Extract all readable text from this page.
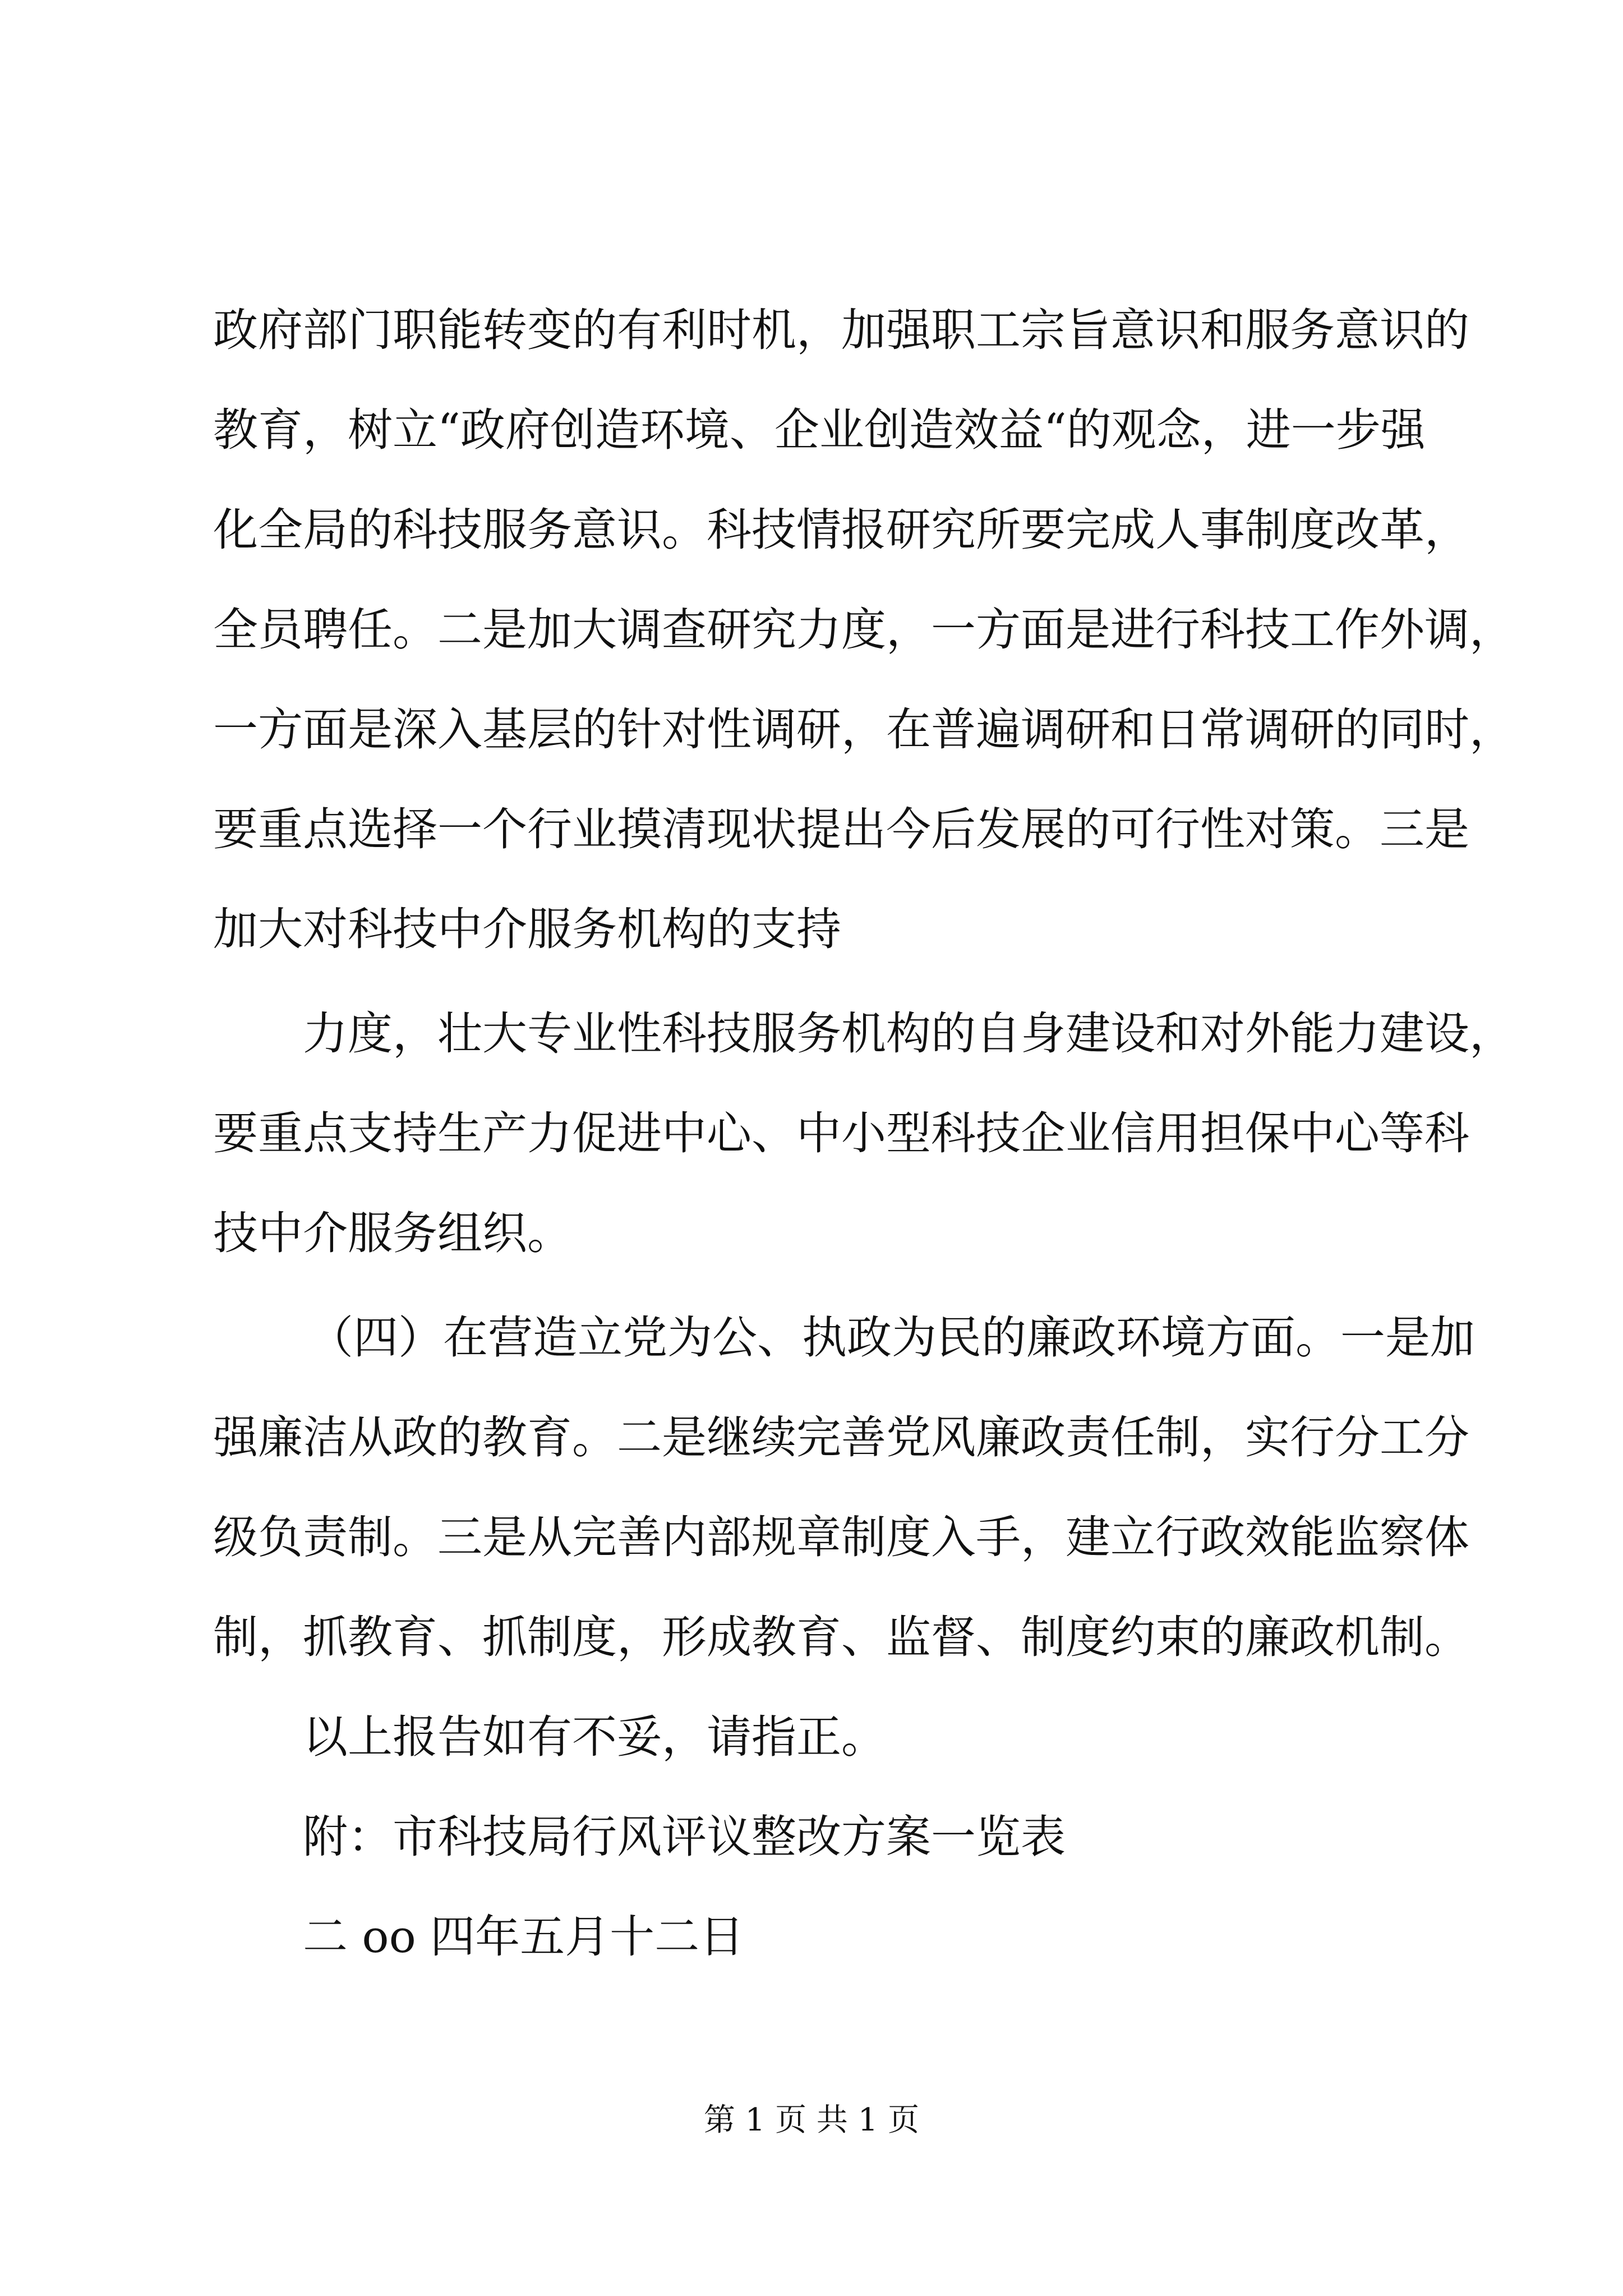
政府部门职能转变的有利时机，加强职工宗旨意识和服务意识的
教育，树立“政府创造环境、企业创造效益“的观念，进一步强
化全局的科技服务意识。科技情报研究所要完成人事制度改革，
全员聘任。二是加大调查研究力度，一方面是进行科技工作外调，
一方面是深入基层的针对性调研，在普遍调研和日常调研的同时，
要重点选择一个行业摸清现状提出今后发展的可行性对策。三是
加大对科技中介服务机构的支持
力度，壮大专业性科技服务机构的自身建设和对外能力建设，
要重点支持生产力促进中心、中小型科技企业信用担保中心等科
技中介服务组织。
（四）在营造立党为公、执政为民的廉政环境方面。一是加
强廉洁从政的教育。二是继续完善党风廉政责任制，实行分工分
级负责制。三是从完善内部规章制度入手，建立行政效能监察体
制，抓教育、抓制度，形成教育、监督、制度约束的廉政机制。
以上报告如有不妥，请指正。
附：市科技局行风评议整改方案一览表
二 oo 四年五月十二日
第 1 页 共 1 页
